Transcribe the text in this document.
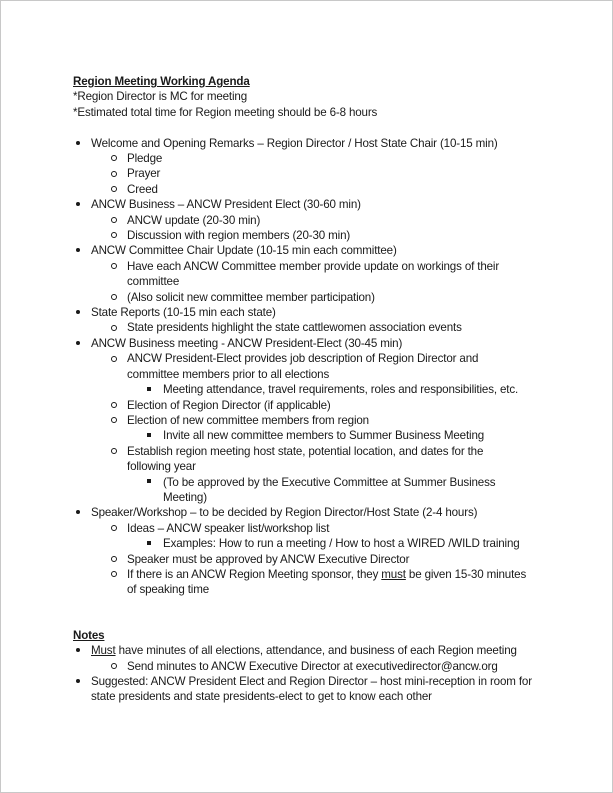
Region Meeting Working Agenda
*Region Director is MC for meeting
*Estimated total time for Region meeting should be 6-8 hours
Welcome and Opening Remarks – Region Director / Host State Chair (10-15 min)
Pledge
Prayer
Creed
ANCW Business – ANCW President Elect (30-60 min)
ANCW update (20-30 min)
Discussion with region members (20-30 min)
ANCW Committee Chair Update (10-15 min each committee)
Have each ANCW Committee member provide update on workings of their committee
(Also solicit new committee member participation)
State Reports (10-15 min each state)
State presidents highlight the state cattlewomen association events
ANCW Business meeting - ANCW President-Elect (30-45 min)
ANCW President-Elect provides job description of Region Director and committee members prior to all elections
Meeting attendance, travel requirements, roles and responsibilities, etc.
Election of Region Director (if applicable)
Election of new committee members from region
Invite all new committee members to Summer Business Meeting
Establish region meeting host state, potential location, and dates for the following year
(To be approved by the Executive Committee at Summer Business Meeting)
Speaker/Workshop – to be decided by Region Director/Host State (2-4 hours)
Ideas – ANCW speaker list/workshop list
Examples: How to run a meeting / How to host a WIRED /WILD training
Speaker must be approved by ANCW Executive Director
If there is an ANCW Region Meeting sponsor, they must be given 15-30 minutes of speaking time
Notes
Must have minutes of all elections, attendance, and business of each Region meeting
Send minutes to ANCW Executive Director at executivedirector@ancw.org
Suggested: ANCW President Elect and Region Director – host mini-reception in room for state presidents and state presidents-elect to get to know each other
